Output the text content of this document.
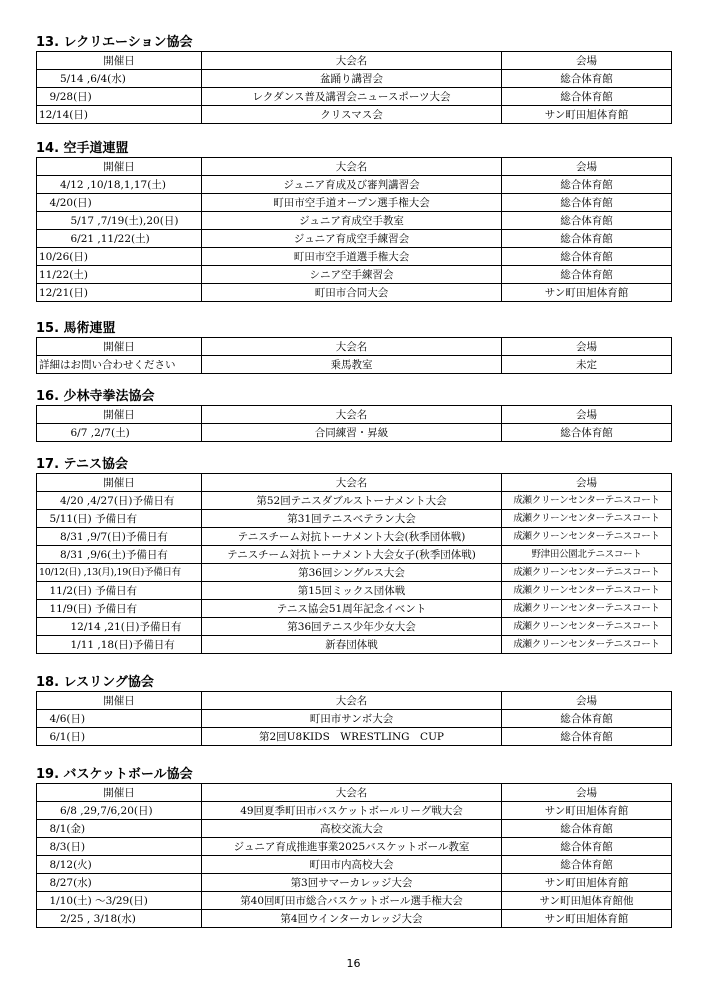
13. レクリエーション協会
開催日	大会名	会場
　　5/14 ,6/4(水)	盆踊り講習会	総合体育館
　9/28(日)	レクダンス普及講習会ニュースポーツ大会	総合体育館
12/14(日)	クリスマス会	サン町田旭体育館
14. 空手道連盟
開催日	大会名	会場
　　4/12 ,10/18,1,17(土)	ジュニア育成及び審判講習会	総合体育館
　4/20(日)	町田市空手道オープン選手権大会	総合体育館
　　　5/17 ,7/19(土),20(日)	ジュニア育成空手教室	総合体育館
　　　6/21 ,11/22(土)	ジュニア育成空手練習会	総合体育館
10/26(日)	町田市空手道選手権大会	総合体育館
11/22(土)	シニア空手練習会	総合体育館
12/21(日)	町田市合同大会	サン町田旭体育館
15. 馬術連盟
開催日	大会名	会場
詳細はお問い合わせください	乗馬教室	未定
16. 少林寺拳法協会
開催日	大会名	会場
　　　6/7 ,2/7(土)	合同練習・昇級	総合体育館
17. テニス協会
開催日	大会名	会場
　　4/20 ,4/27(日)予備日有	第52回テニスダブルストーナメント大会	成瀬クリーンセンターテニスコート
　5/11(日) 予備日有	第31回テニスベテラン大会	成瀬クリーンセンターテニスコート
　　8/31 ,9/7(日)予備日有	テニスチーム対抗トーナメント大会(秋季団体戦)	成瀬クリーンセンターテニスコート
　　8/31 ,9/6(土)予備日有	テニスチーム対抗トーナメント大会女子(秋季団体戦)	野津田公園北テニスコート
10/12(日) ,13(月),19(日)予備日有	第36回シングルス大会	成瀬クリーンセンターテニスコート
　11/2(日) 予備日有	第15回ミックス団体戦	成瀬クリーンセンターテニスコート
　11/9(日) 予備日有	テニス協会51周年記念イベント	成瀬クリーンセンターテニスコート
　　　12/14 ,21(日)予備日有	第36回テニス少年少女大会	成瀬クリーンセンターテニスコート
　　　1/11 ,18(日)予備日有	新春団体戦	成瀬クリーンセンターテニスコート
18. レスリング協会
開催日	大会名	会場
　4/6(日)	町田市サンボ大会	総合体育館
　6/1(日)	第2回U8KIDS　WRESTLING　CUP	総合体育館
19. バスケットボール協会
開催日	大会名	会場
　　6/8 ,29,7/6,20(日)	49回夏季町田市バスケットボールリーグ戦大会	サン町田旭体育館
　8/1(金)	高校交流大会	総合体育館
　8/3(日)	ジュニア育成推進事業2025バスケットボール教室	総合体育館
　8/12(火)	町田市内高校大会	総合体育館
　8/27(水)	第3回サマーカレッジ大会	サン町田旭体育館
　1/10(土) ～3/29(日)	第40回町田市総合バスケットボール選手権大会	サン町田旭体育館他
　　2/25 , 3/18(水)	第4回ウインターカレッジ大会	サン町田旭体育館
16
